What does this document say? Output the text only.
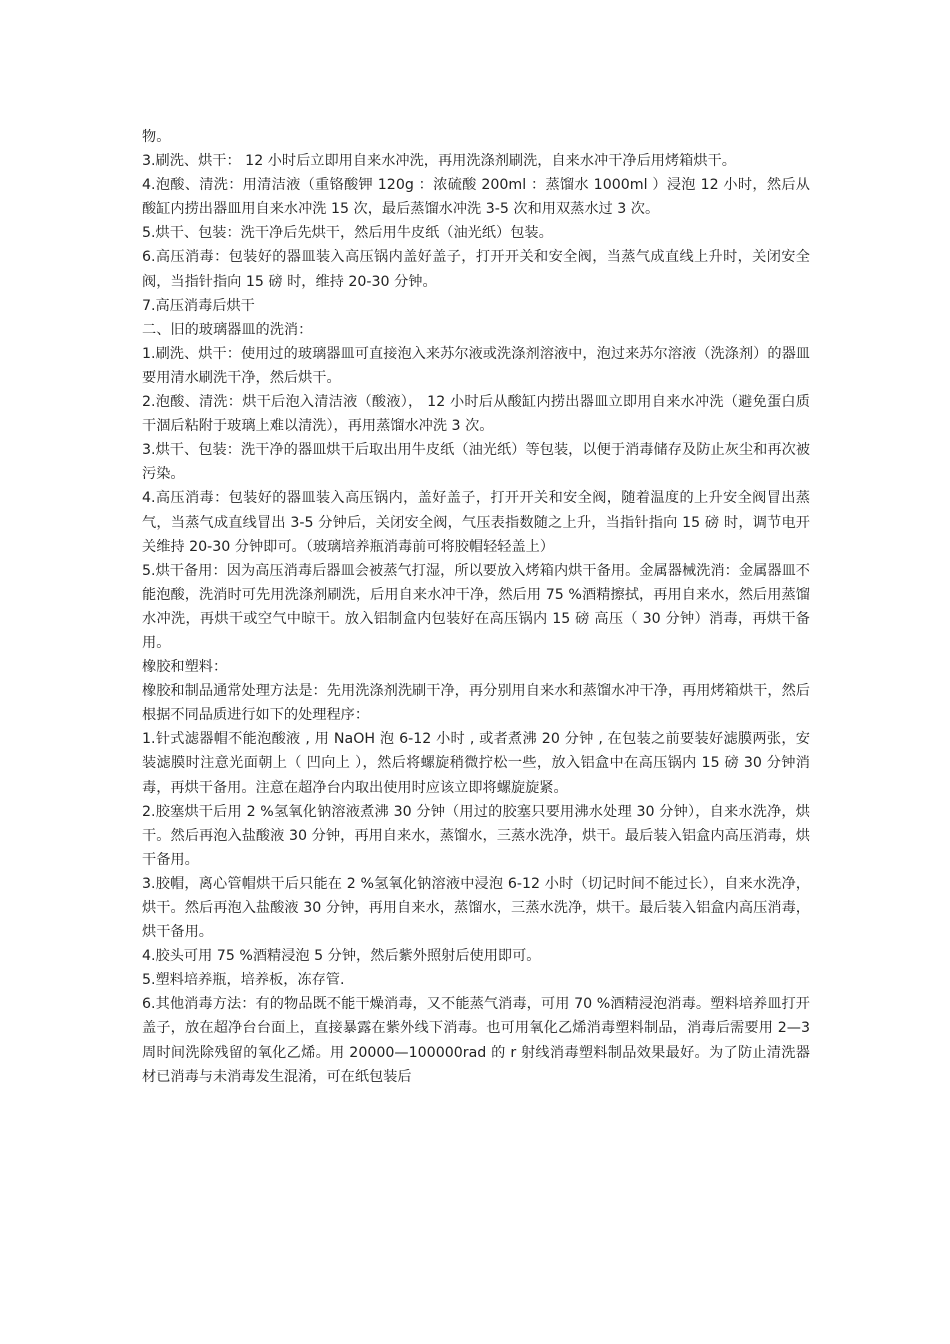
物。

3.刷洗、烘干： 12 小时后立即用自来水冲洗，再用洗涤剂刷洗，自来水冲干净后用烤箱烘干。

4.泡酸、清洗：用清洁液（重铬酸钾 120g ：浓硫酸 200ml ：蒸馏水 1000ml ）浸泡 12 小时，然后从酸缸内捞出器皿用自来水冲洗 15 次，最后蒸馏水冲洗 3-5 次和用双蒸水过 3 次。

5.烘干、包装：洗干净后先烘干，然后用牛皮纸（油光纸）包装。

6.高压消毒：包装好的器皿装入高压锅内盖好盖子，打开开关和安全阀，当蒸气成直线上升时，关闭安全阀，当指针指向 15 磅 时，维持 20-30 分钟。

7.高压消毒后烘干

二、旧的玻璃器皿的洗消：

1.刷洗、烘干：使用过的玻璃器皿可直接泡入来苏尔液或洗涤剂溶液中，泡过来苏尔溶液（洗涤剂）的器皿要用清水刷洗干净，然后烘干。

2.泡酸、清洗：烘干后泡入清洁液（酸液）， 12 小时后从酸缸内捞出器皿立即用自来水冲洗（避免蛋白质干涸后粘附于玻璃上难以清洗），再用蒸馏水冲洗 3 次。

3.烘干、包装：洗干净的器皿烘干后取出用牛皮纸（油光纸）等包装，以便于消毒储存及防止灰尘和再次被污染。

4.高压消毒：包装好的器皿装入高压锅内，盖好盖子，打开开关和安全阀，随着温度的上升安全阀冒出蒸气，当蒸气成直线冒出 3-5 分钟后，关闭安全阀，气压表指数随之上升，当指针指向 15 磅 时，调节电开关维持 20-30 分钟即可。（玻璃培养瓶消毒前可将胶帽轻轻盖上）

5.烘干备用：因为高压消毒后器皿会被蒸气打湿，所以要放入烤箱内烘干备用。金属器械洗消：金属器皿不能泡酸，洗消时可先用洗涤剂刷洗，后用自来水冲干净，然后用 75 %酒精擦拭，再用自来水，然后用蒸馏水冲洗，再烘干或空气中晾干。放入铝制盒内包装好在高压锅内 15 磅 高压（ 30 分钟）消毒，再烘干备用。

橡胶和塑料：

橡胶和制品通常处理方法是：先用洗涤剂洗刷干净，再分别用自来水和蒸馏水冲干净，再用烤箱烘干，然后根据不同品质进行如下的处理程序：

1.针式滤器帽不能泡酸液 , 用 NaOH 泡 6-12 小时 , 或者煮沸 20 分钟 , 在包装之前要装好滤膜两张，安装滤膜时注意光面朝上（ 凹向上 ），然后将螺旋稍微拧松一些，放入铝盒中在高压锅内 15 磅 30 分钟消毒，再烘干备用。注意在超净台内取出使用时应该立即将螺旋旋紧。

2.胶塞烘干后用 2 %氢氧化钠溶液煮沸 30 分钟（用过的胶塞只要用沸水处理 30 分钟），自来水洗净，烘干。然后再泡入盐酸液 30 分钟，再用自来水，蒸馏水，三蒸水洗净，烘干。最后装入铝盒内高压消毒，烘干备用。

3.胶帽，离心管帽烘干后只能在 2 %氢氧化钠溶液中浸泡 6-12 小时（切记时间不能过长），自来水洗净，烘干。然后再泡入盐酸液 30 分钟，再用自来水，蒸馏水，三蒸水洗净，烘干。最后装入铝盒内高压消毒，烘干备用。

4.胶头可用 75 %酒精浸泡 5 分钟，然后紫外照射后使用即可。

5.塑料培养瓶，培养板，冻存管.

6.其他消毒方法：有的物品既不能干燥消毒，又不能蒸气消毒，可用 70 %酒精浸泡消毒。塑料培养皿打开盖子，放在超净台台面上，直接暴露在紫外线下消毒。也可用氧化乙烯消毒塑料制品，消毒后需要用 2—3 周时间洗除残留的氧化乙烯。用 20000—100000rad 的 r 射线消毒塑料制品效果最好。为了防止清洗器材已消毒与未消毒发生混淆，可在纸包装后
